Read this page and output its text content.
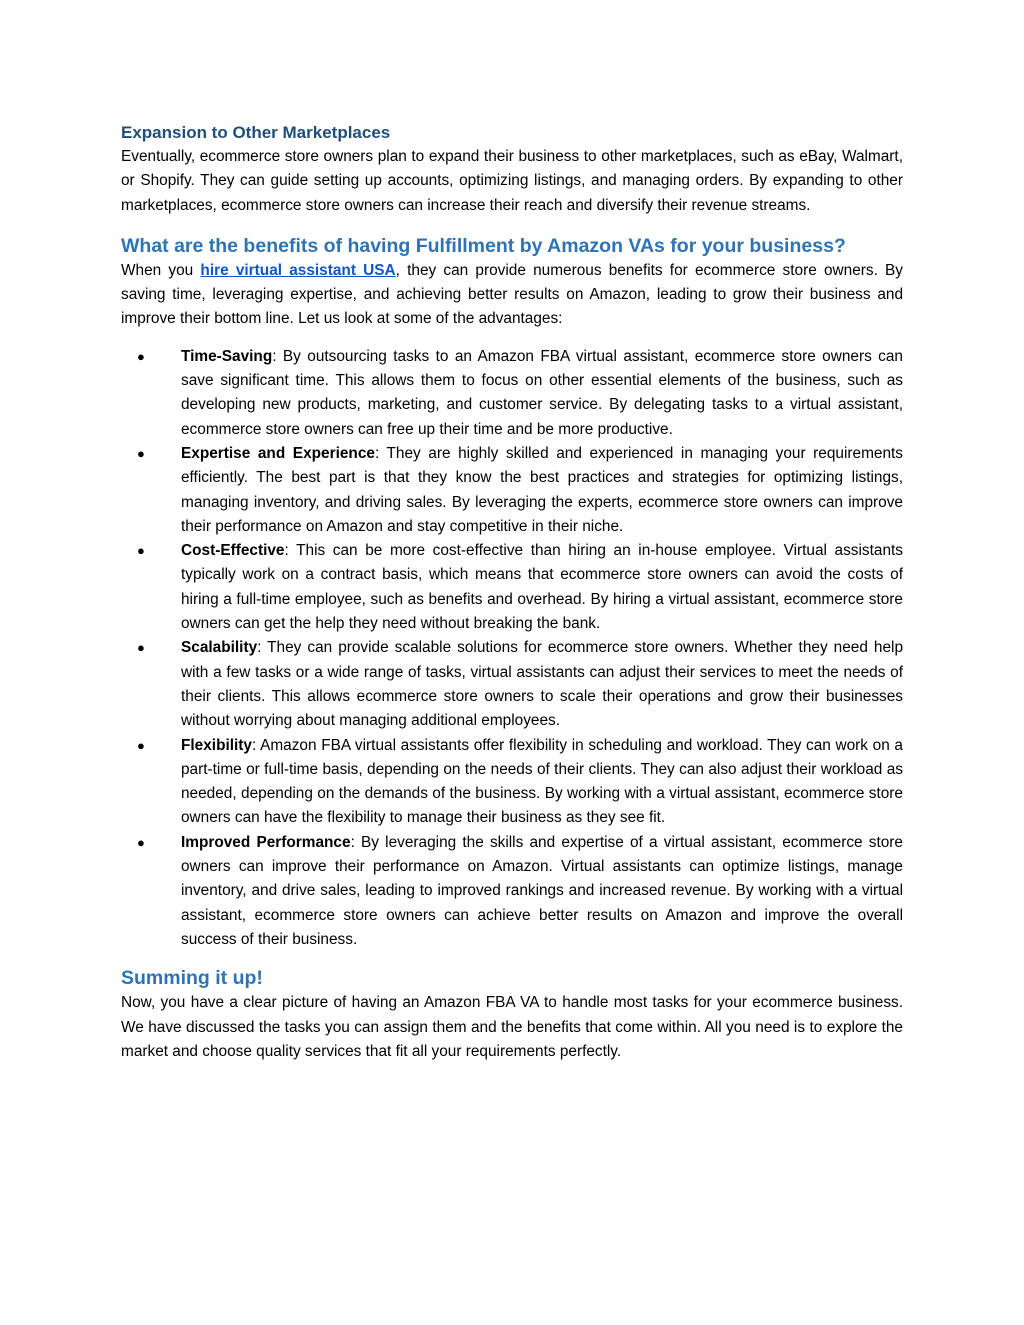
Expansion to Other Marketplaces

Eventually, ecommerce store owners plan to expand their business to other marketplaces, such as eBay, Walmart, or Shopify. They can guide setting up accounts, optimizing listings, and managing orders. By expanding to other marketplaces, ecommerce store owners can increase their reach and diversify their revenue streams.

What are the benefits of having Fulfillment by Amazon VAs for your business?

When you hire virtual assistant USA, they can provide numerous benefits for ecommerce store owners. By saving time, leveraging expertise, and achieving better results on Amazon, leading to grow their business and improve their bottom line. Let us look at some of the advantages:

● Time-Saving: By outsourcing tasks to an Amazon FBA virtual assistant, ecommerce store owners can save significant time. This allows them to focus on other essential elements of the business, such as developing new products, marketing, and customer service. By delegating tasks to a virtual assistant, ecommerce store owners can free up their time and be more productive.
● Expertise and Experience: They are highly skilled and experienced in managing your requirements efficiently. The best part is that they know the best practices and strategies for optimizing listings, managing inventory, and driving sales. By leveraging the experts, ecommerce store owners can improve their performance on Amazon and stay competitive in their niche.
● Cost-Effective: This can be more cost-effective than hiring an in-house employee. Virtual assistants typically work on a contract basis, which means that ecommerce store owners can avoid the costs of hiring a full-time employee, such as benefits and overhead. By hiring a virtual assistant, ecommerce store owners can get the help they need without breaking the bank.
● Scalability: They can provide scalable solutions for ecommerce store owners. Whether they need help with a few tasks or a wide range of tasks, virtual assistants can adjust their services to meet the needs of their clients. This allows ecommerce store owners to scale their operations and grow their businesses without worrying about managing additional employees.
● Flexibility: Amazon FBA virtual assistants offer flexibility in scheduling and workload. They can work on a part-time or full-time basis, depending on the needs of their clients. They can also adjust their workload as needed, depending on the demands of the business. By working with a virtual assistant, ecommerce store owners can have the flexibility to manage their business as they see fit.
● Improved Performance: By leveraging the skills and expertise of a virtual assistant, ecommerce store owners can improve their performance on Amazon. Virtual assistants can optimize listings, manage inventory, and drive sales, leading to improved rankings and increased revenue. By working with a virtual assistant, ecommerce store owners can achieve better results on Amazon and improve the overall success of their business.
Summing it up!

Now, you have a clear picture of having an Amazon FBA VA to handle most tasks for your ecommerce business. We have discussed the tasks you can assign them and the benefits that come within. All you need is to explore the market and choose quality services that fit all your requirements perfectly.
